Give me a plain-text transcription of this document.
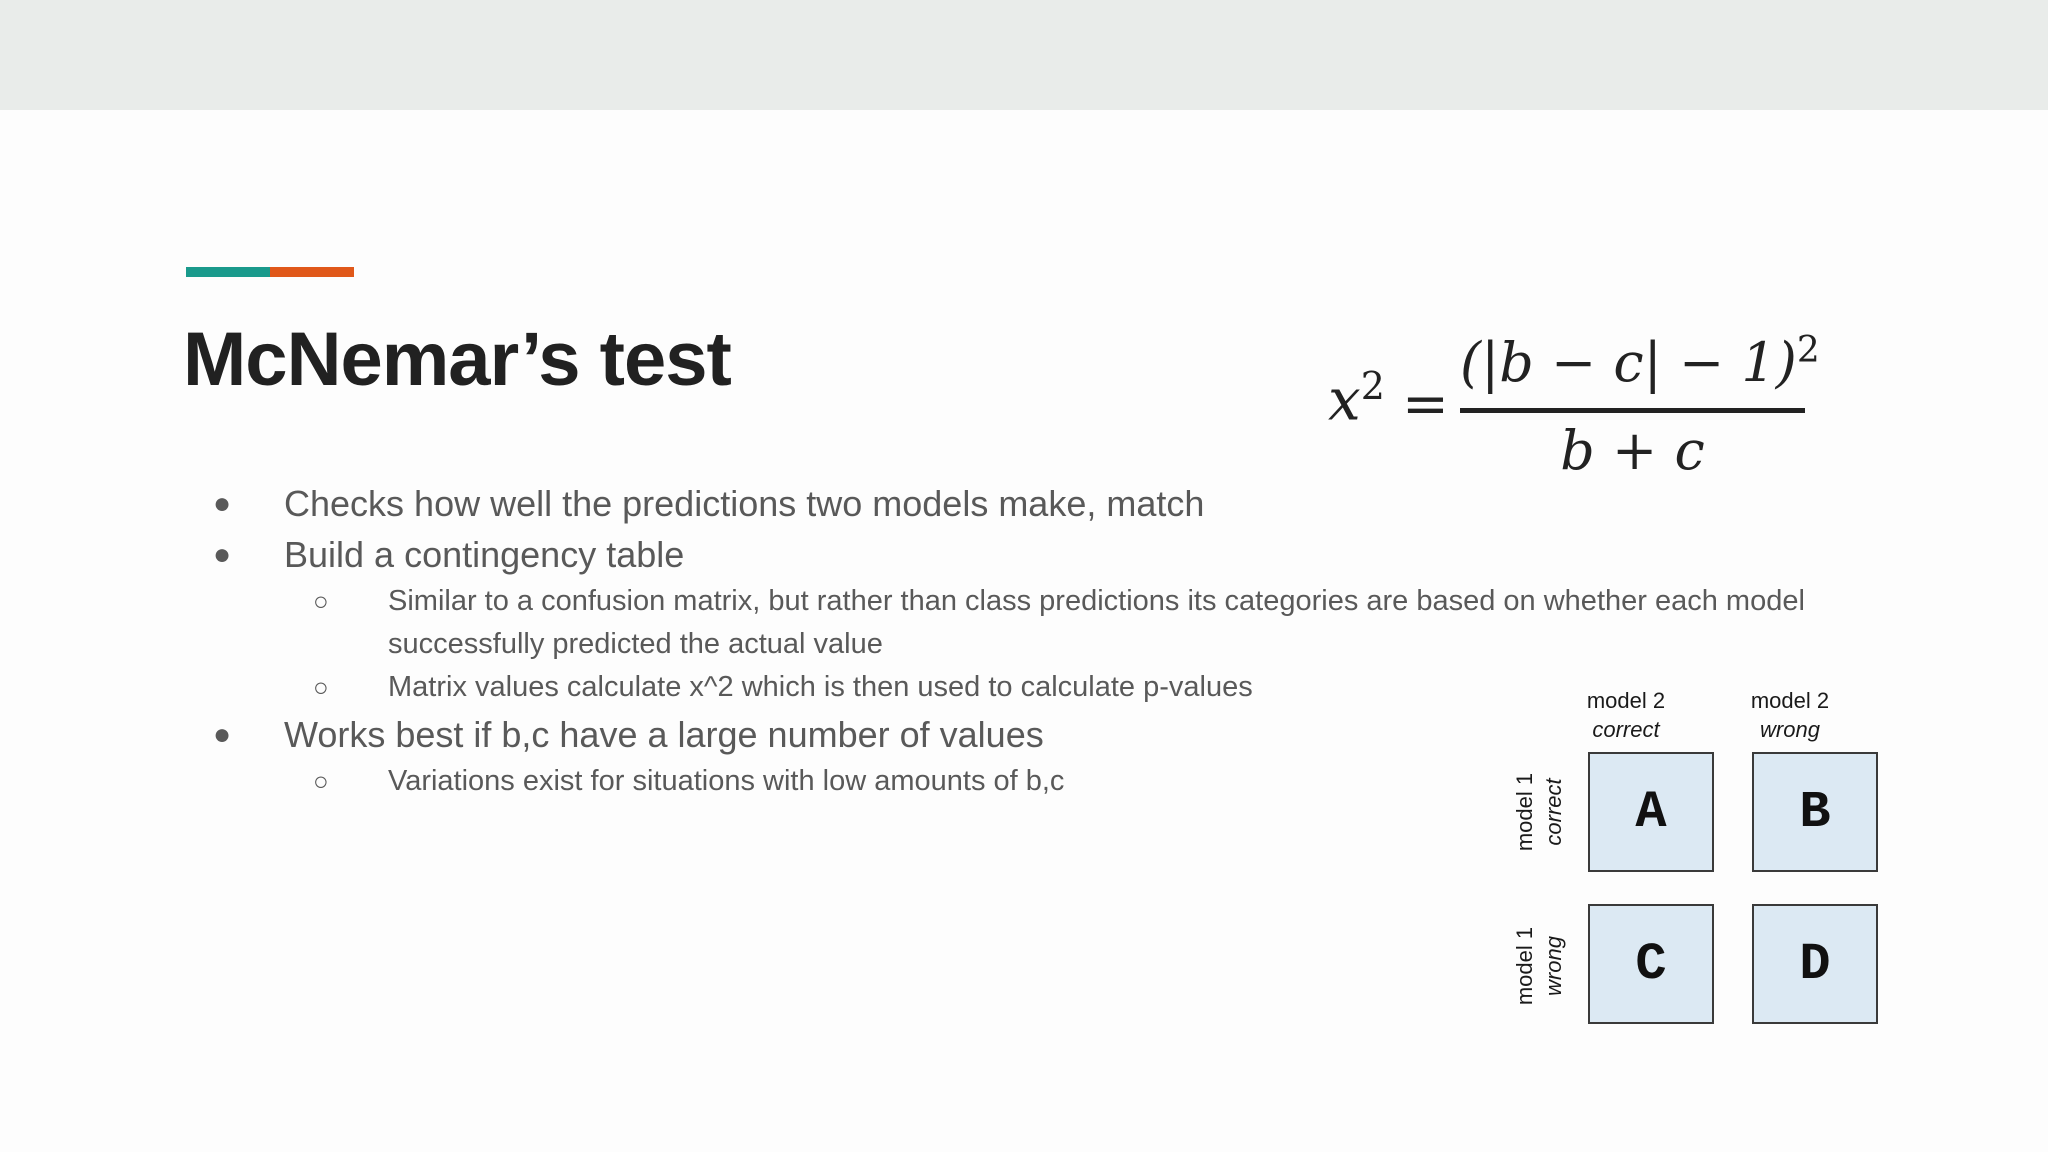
McNemar’s test	$x^2$ =
$(|b - c| - 1)^2$
b + c
● Checks how well the predictions two models make, match
● Build a contingency table
○ Similar to a confusion matrix, but rather than class predictions its categories are based on whether each model successfully predicted the actual value
○ Matrix values calculate x^2 which is then used to calculate p-values
● Works best if b,c have a large number of values
○ Variations exist for situations with low amounts of b,c
model 2
correct
model 2
wrong
model 1 correct
model 1 wrong
A	B
C	D
